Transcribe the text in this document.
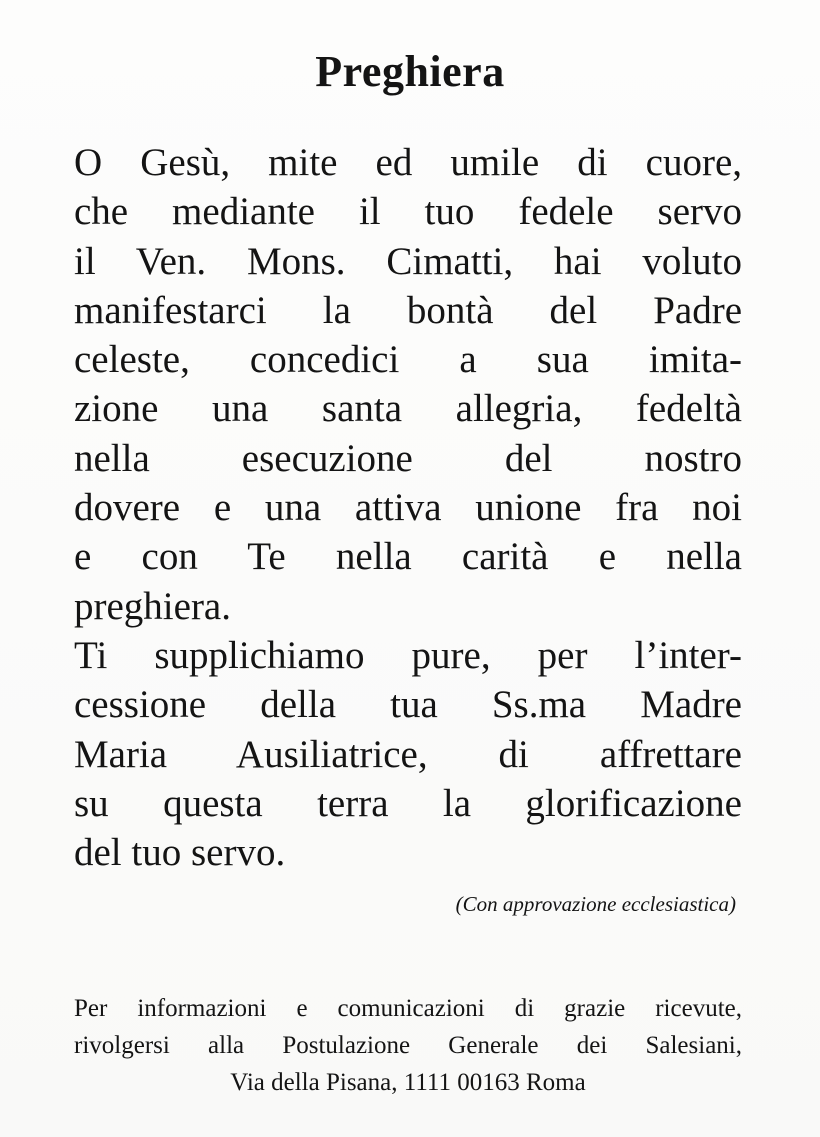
Preghiera
O Gesù, mite ed umile di cuore,
che mediante il tuo fedele servo
il Ven. Mons. Cimatti, hai voluto
manifestarci la bontà del Padre
celeste, concedici a sua imita-
zione una santa allegria, fedeltà
nella esecuzione del nostro
dovere e una attiva unione fra noi
e con Te nella carità e nella
preghiera.
Ti supplichiamo pure, per l’inter-
cessione della tua Ss.ma Madre
Maria Ausiliatrice, di affrettare
su questa terra la glorificazione
del tuo servo.
(Con approvazione ecclesiastica)
Per informazioni e comunicazioni di grazie ricevute,
rivolgersi alla Postulazione Generale dei Salesiani,
Via della Pisana, 1111 00163 Roma
